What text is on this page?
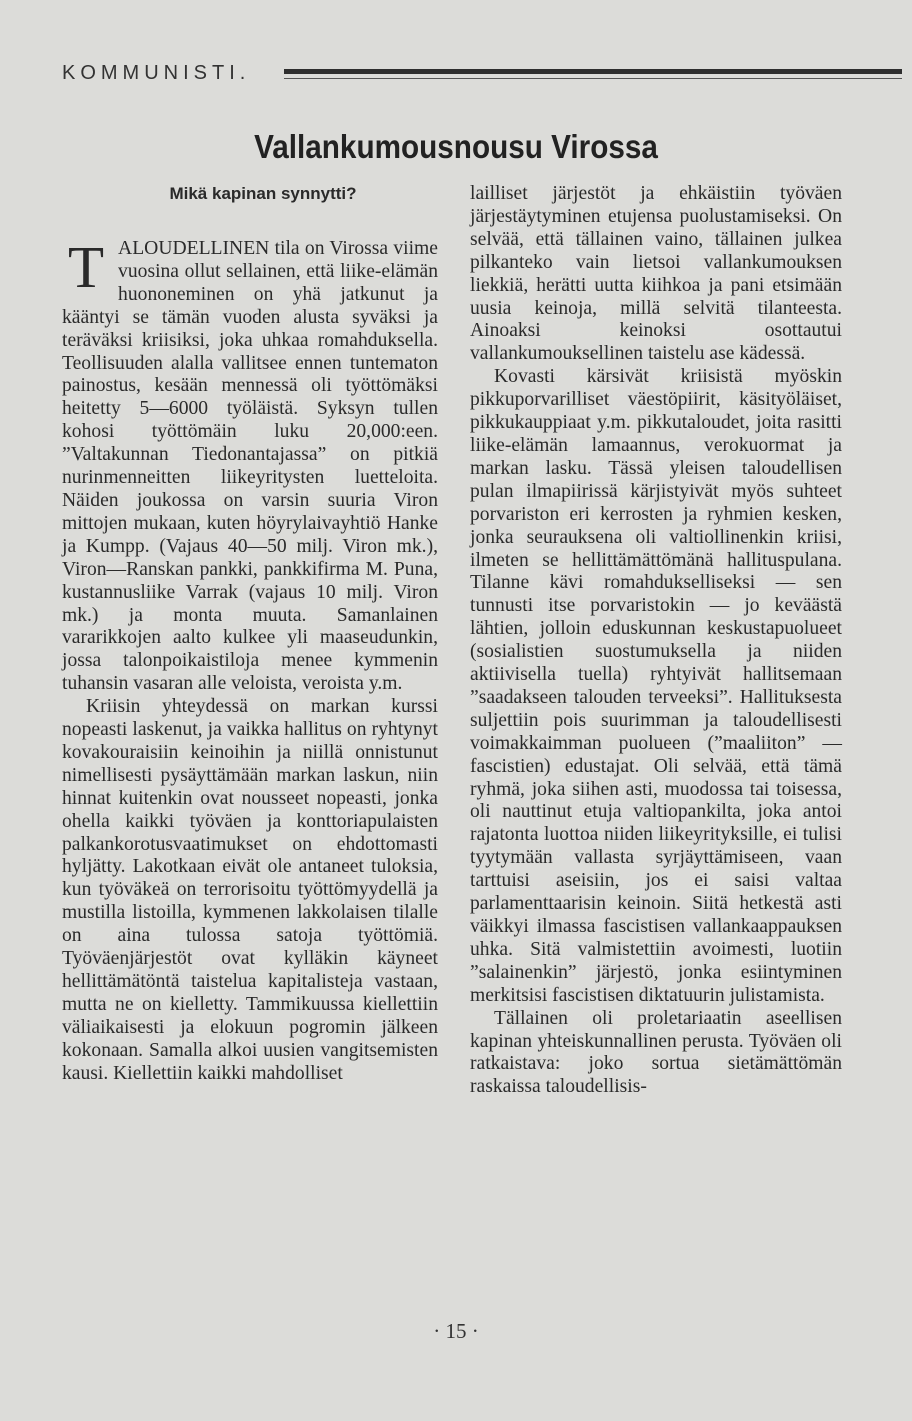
KOMMUNISTI.
Vallankumousnousu Virossa
Mikä kapinan synnytti?

TALOUDELLINEN tila on Virossa viime vuosina ollut sellainen, että liike-elämän huononeminen on yhä jatkunut ja kääntyi se tämän vuoden alusta syväksi ja teräväksi kriisiksi, joka uhkaa romahduksella. Teollisuuden alalla vallitsee ennen tuntematon painostus, kesään mennessä oli työttömäksi heitetty 5—6000 työläistä. Syksyn tullen kohosi työttömäin luku 20,000:een. ”Valtakunnan Tiedonantajassa” on pitkiä nurinmenneitten liikeyritysten luetteloita. Näiden joukossa on varsin suuria Viron mittojen mukaan, kuten höyrylaivayhtiö Hanke ja Kumpp. (Vajaus 40—50 milj. Viron mk.), Viron—Ranskan pankki, pankkifirma M. Puna, kustannusliike Varrak (vajaus 10 milj. Viron mk.) ja monta muuta. Samanlainen vararikkojen aalto kulkee yli maaseudunkin, jossa talonpoikaistiloja menee kymmenin tuhansin vasaran alle veloista, veroista y.m.

Kriisin yhteydessä on markan kurssi nopeasti laskenut, ja vaikka hallitus on ryhtynyt kovakouraisiin keinoihin ja niillä onnistunut nimellisesti pysäyttämään markan laskun, niin hinnat kuitenkin ovat nousseet nopeasti, jonka ohella kaikki työväen ja konttoriapulaisten palkankorotusvaatimukset on ehdottomasti hyljätty. Lakotkaan eivät ole antaneet tuloksia, kun työväkeä on terrorisoitu työttömyydellä ja mustilla listoilla, kymmenen lakkolaisen tilalle on aina tulossa satoja työttömiä. Työväenjärjestöt ovat kylläkin käyneet hellittämätöntä taistelua kapitalisteja vastaan, mutta ne on kielletty. Tammikuussa kiellettiin väliaikaisesti ja elokuun pogromin jälkeen kokonaan. Samalla alkoi uusien vangitsemisten kausi. Kiellettiin kaikki mahdolliset

lailliset järjestöt ja ehkäistiin työväen järjestäytyminen etujensa puolustamiseksi. On selvää, että tällainen vaino, tällainen julkea pilkanteko vain lietsoi vallankumouksen liekkiä, herätti uutta kiihkoa ja pani etsimään uusia keinoja, millä selvitä tilanteesta. Ainoaksi keinoksi osottautui vallankumouksellinen taistelu ase kädessä.

Kovasti kärsivät kriisistä myöskin pikkuporvarilliset väestöpiirit, käsityöläiset, pikkukauppiaat y.m. pikkutaloudet, joita rasitti liike-elämän lamaannus, verokuormat ja markan lasku. Tässä yleisen taloudellisen pulan ilmapiirissä kärjistyivät myös suhteet porvariston eri kerrosten ja ryhmien kesken, jonka seurauksena oli valtiollinenkin kriisi, ilmeten se hellittämättömänä hallituspulana. Tilanne kävi romahdukselliseksi — sen tunnusti itse porvaristokin — jo keväästä lähtien, jolloin eduskunnan keskustapuolueet (sosialistien suostumuksella ja niiden aktiivisella tuella) ryhtyivät hallitsemaan ”saadakseen talouden terveeksi”. Hallituksesta suljettiin pois suurimman ja taloudellisesti voimakkaimman puolueen (”maaliiton” — fascistien) edustajat. Oli selvää, että tämä ryhmä, joka siihen asti, muodossa tai toisessa, oli nauttinut etuja valtiopankilta, joka antoi rajatonta luottoa niiden liikeyrityksille, ei tulisi tyytymään vallasta syrjäyttämiseen, vaan tarttuisi aseisiin, jos ei saisi valtaa parlamenttaarisin keinoin. Siitä hetkestä asti väikkyi ilmassa fascistisen vallankaappauksen uhka. Sitä valmistettiin avoimesti, luotiin ”salainenkin” järjestö, jonka esiintyminen merkitsisi fascistisen diktatuurin julistamista.

Tällainen oli proletariaatin aseellisen kapinan yhteiskunnallinen perusta. Työväen oli ratkaistava: joko sortua sietämättömän raskaissa taloudellisis-

· 15 ·
